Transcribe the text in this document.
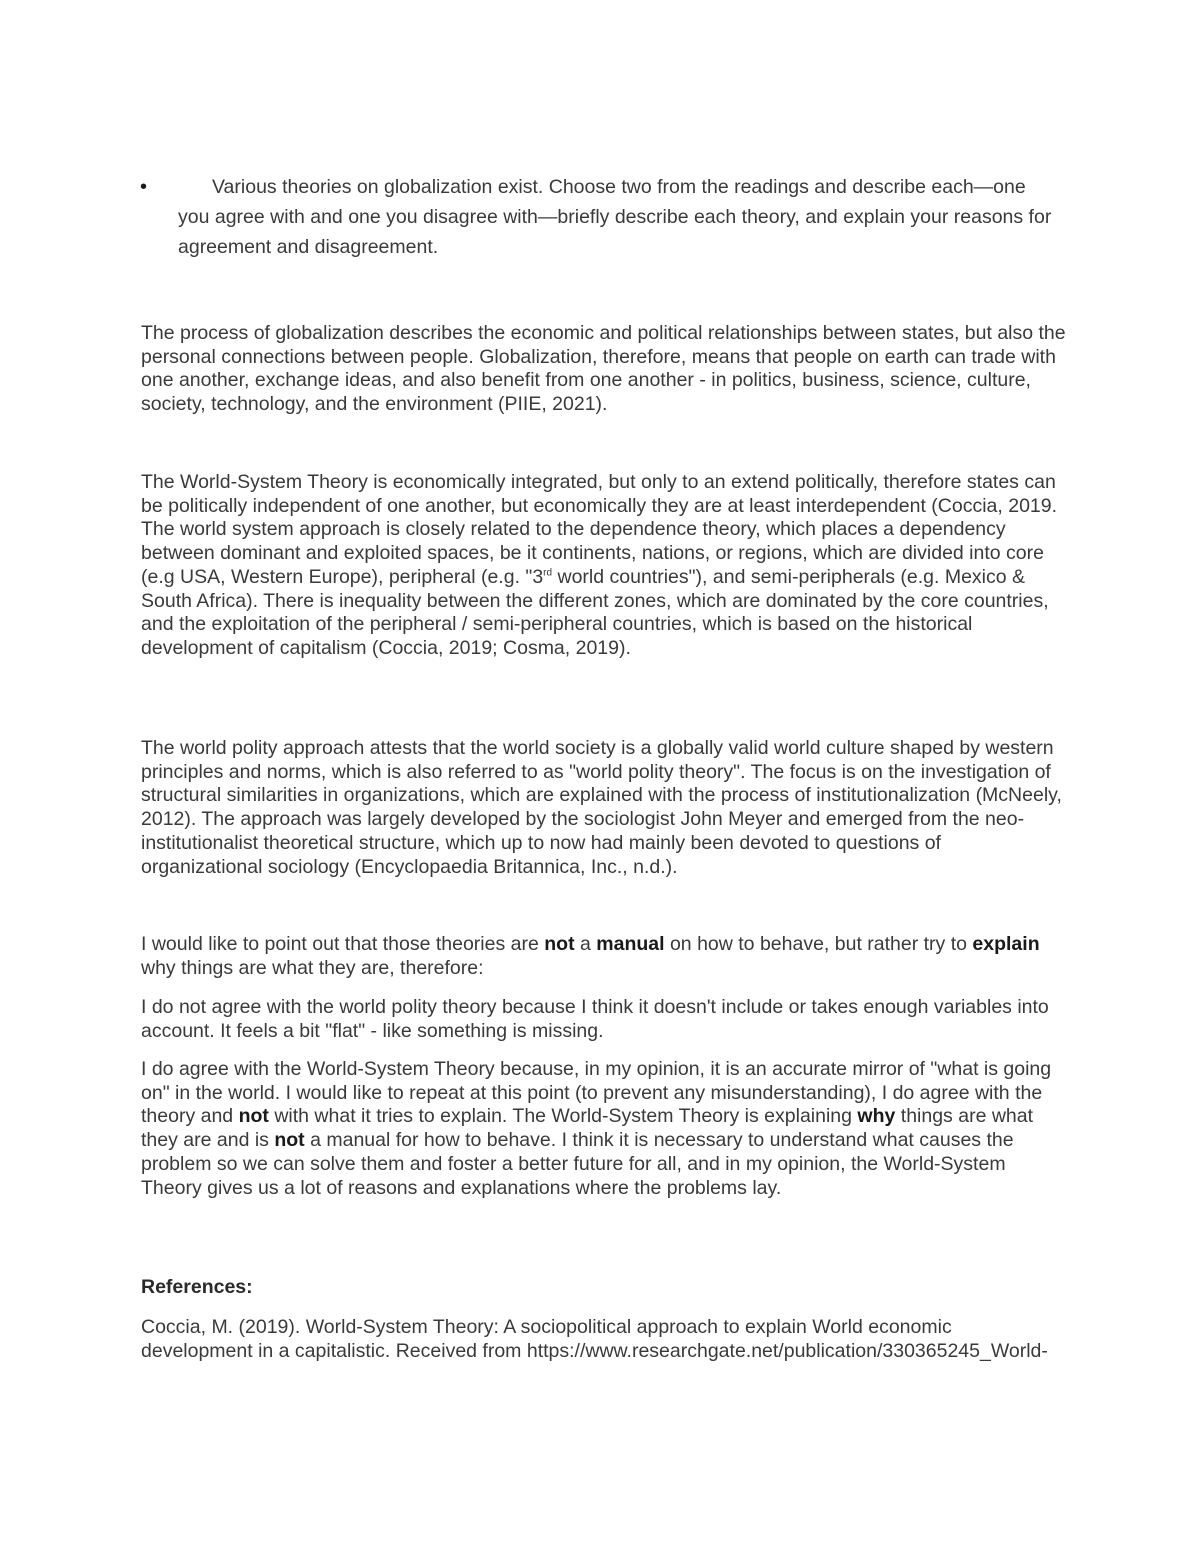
•	Various theories on globalization exist. Choose two from the readings and describe each—one you agree with and one you disagree with—briefly describe each theory, and explain your reasons for agreement and disagreement.

The process of globalization describes the economic and political relationships between states, but also the personal connections between people. Globalization, therefore, means that people on earth can trade with one another, exchange ideas, and also benefit from one another - in politics, business, science, culture, society, technology, and the environment (PIIE, 2021).

The World-System Theory is economically integrated, but only to an extend politically, therefore states can be politically independent of one another, but economically they are at least interdependent (Coccia, 2019. The world system approach is closely related to the dependence theory, which places a dependency between dominant and exploited spaces, be it continents, nations, or regions, which are divided into core (e.g USA, Western Europe), peripheral (e.g. "3rd world countries"), and semi-peripherals (e.g. Mexico & South Africa). There is inequality between the different zones, which are dominated by the core countries, and the exploitation of the peripheral / semi-peripheral countries, which is based on the historical development of capitalism (Coccia, 2019; Cosma, 2019).

The world polity approach attests that the world society is a globally valid world culture shaped by western principles and norms, which is also referred to as "world polity theory". The focus is on the investigation of structural similarities in organizations, which are explained with the process of institutionalization (McNeely, 2012). The approach was largely developed by the sociologist John Meyer and emerged from the neo-institutionalist theoretical structure, which up to now had mainly been devoted to questions of organizational sociology (Encyclopaedia Britannica, Inc., n.d.).

I would like to point out that those theories are not a manual on how to behave, but rather try to explain why things are what they are, therefore:

I do not agree with the world polity theory because I think it doesn't include or takes enough variables into account. It feels a bit "flat" - like something is missing.

I do agree with the World-System Theory because, in my opinion, it is an accurate mirror of "what is going on" in the world. I would like to repeat at this point (to prevent any misunderstanding), I do agree with the theory and not with what it tries to explain. The World-System Theory is explaining why things are what they are and is not a manual for how to behave. I think it is necessary to understand what causes the problem so we can solve them and foster a better future for all, and in my opinion, the World-System Theory gives us a lot of reasons and explanations where the problems lay.

References:

Coccia, M. (2019). World-System Theory: A sociopolitical approach to explain World economic development in a capitalistic. Received from https://www.researchgate.net/publication/330365245_World-
